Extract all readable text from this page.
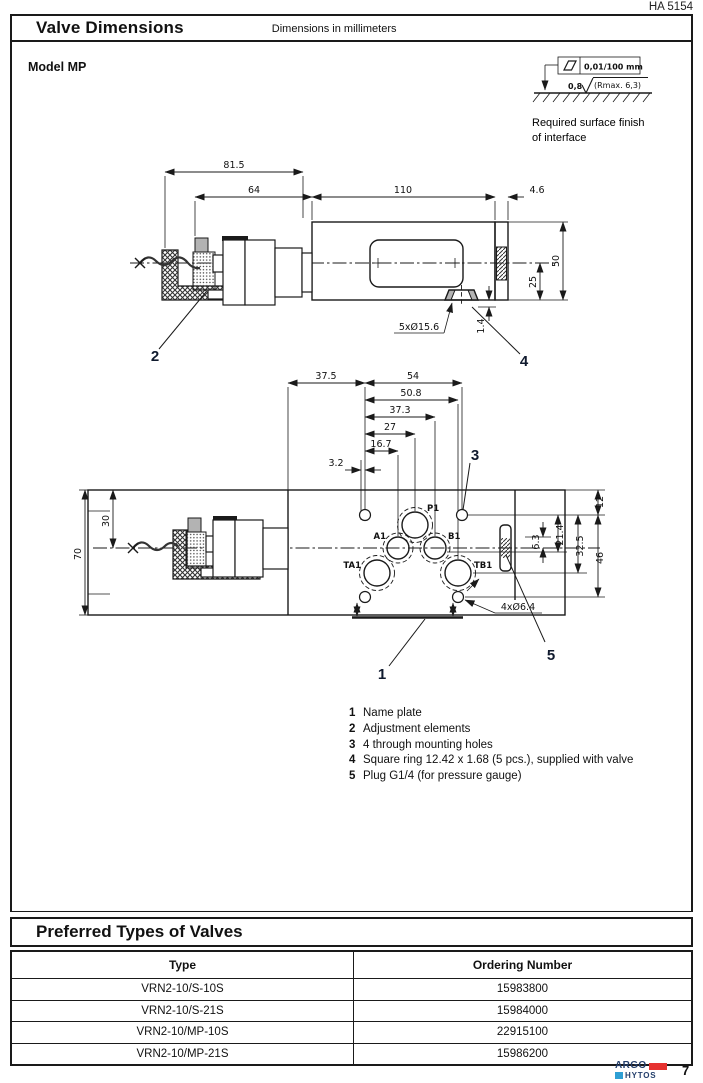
HA 5154
Valve Dimensions	Dimensions in millimeters
Model MP	0,01/100 mm
0,8 (Rmax. 6,3)
Required surface finish
of interface
81.5
64	110	4.6
50
25
1.4
5xØ15.6
2	4
37.5	54
50.8
37.3
27
16.7
3.2
P1
A1	B1
TA1	TB1
12
46
32.5
21.4
6.3
70
30
4xØ6.4
3
5
1
1 Name plate
2 Adjustment elements
3 4 through mounting holes
4 Square ring 12.42 x 1.68 (5 pcs.), supplied with valve
5 Plug G1/4 (for pressure gauge)
Preferred Types of Valves
Type	Ordering Number
VRN2-10/S-10S	15983800
VRN2-10/S-21S	15984000
VRN2-10/MP-10S	22915100
VRN2-10/MP-21S	15986200
ARGO
HYTOS 7
